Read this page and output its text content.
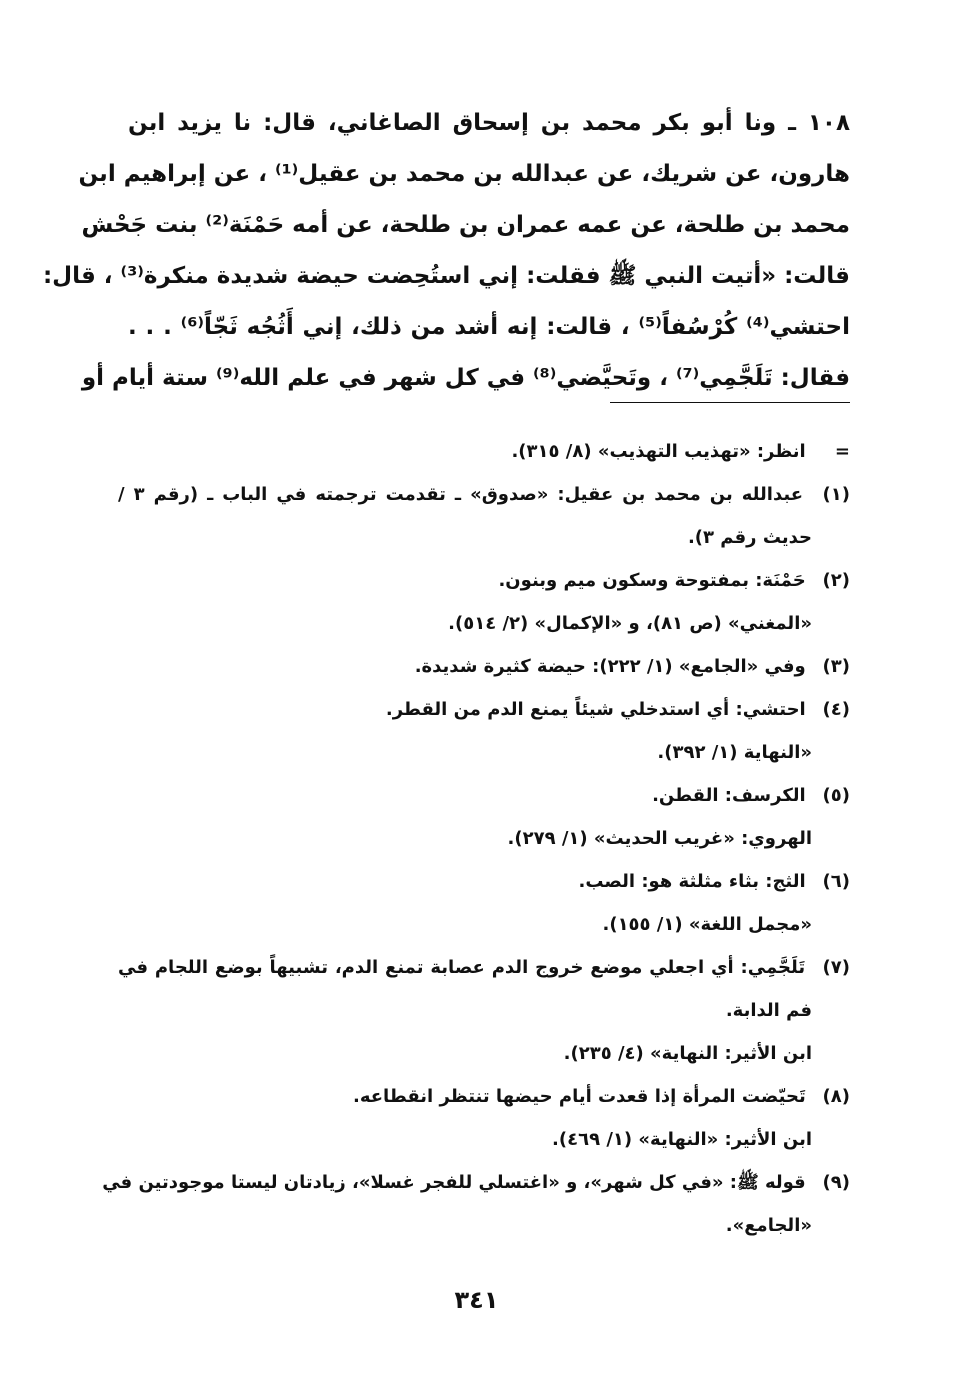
١٠٨ ـ ونا أبو بكر محمد بن إسحاق الصاغاني، قال: نا يزيد ابن
هارون، عن شريك، عن عبدالله بن محمد بن عقيل⁽¹⁾ ، عن إبراهيم ابن
محمد بن طلحة، عن عمه عمران بن طلحة، عن أمه حَمْنَة⁽²⁾ بنت جَحْش
قالت: «أتيت النبي ﷺ فقلت: إني استُحِضت حيضة شديدة منكرة⁽³⁾ ، قال:
احتشي⁽⁴⁾ كُرْسُفاً⁽⁵⁾ ، قالت: إنه أشد من ذلك، إني أَثُجُه ثَجّاً⁽⁶⁾ . . .
فقال: تَلَجَّمِي⁽⁷⁾ ، وتَحيَّضي⁽⁸⁾ في كل شهر في علم الله⁽⁹⁾ ستة أيام أو
= انظر: «تهذيب التهذيب» (٨/ ٣١٥).
(١) عبدالله بن محمد بن عقيل: «صدوق» ـ تقدمت ترجمته في الباب ـ (رقم ٣ /
حديث رقم ٣).
(٢) حَمْنَة: بمفتوحة وسكون ميم وبنون.
«المغني» (ص ٨١)، و «الإكمال» (٢/ ٥١٤).
(٣) وفي «الجامع» (١/ ٢٢٢): حيضة كثيرة شديدة.
(٤) احتشي: أي استدخلي شيئاً يمنع الدم من القطر.
«النهاية (١/ ٣٩٢).
(٥) الكرسف: القطن.
الهروي: «غريب الحديث» (١/ ٢٧٩).
(٦) الثج: بثاء مثلثة هو: الصب.
«مجمل اللغة» (١/ ١٥٥).
(٧) تَلَجَّمِي: أي اجعلي موضع خروج الدم عصابة تمنع الدم، تشبيهاً بوضع اللجام في
فم الدابة.
ابن الأثير: النهاية» (٤/ ٢٣٥).
(٨) تَحيّضت المرأة إذا قعدت أيام حيضها تنتظر انقطاعه.
ابن الأثير: «النهاية» (١/ ٤٦٩).
(٩) قوله ﷺ: «في كل شهر»، و «اغتسلي للفجر غسلا»، زيادتان ليستا موجودتين في
«الجامع».
٣٤١
